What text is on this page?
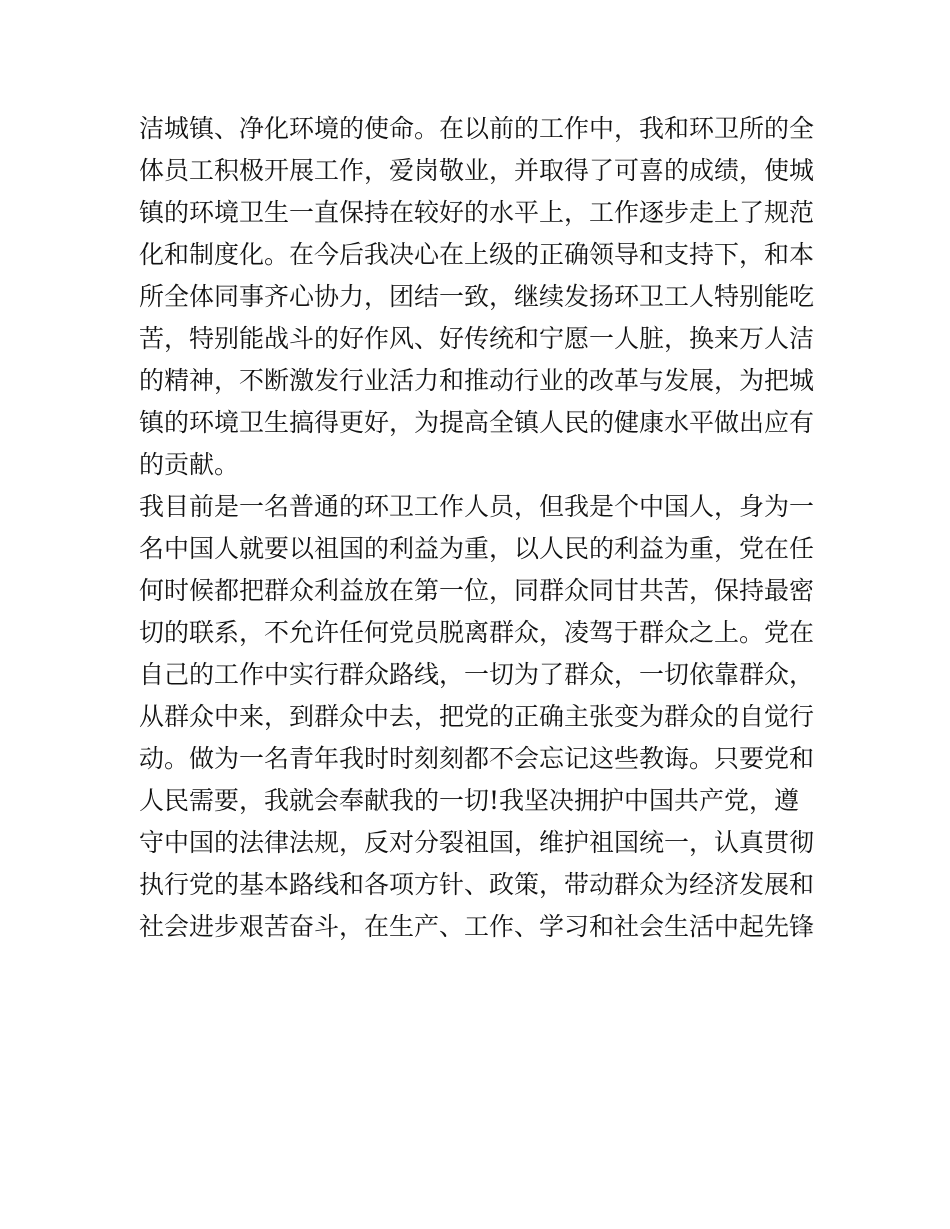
洁城镇、净化环境的使命。在以前的工作中，我和环卫所的全
体员工积极开展工作，爱岗敬业，并取得了可喜的成绩，使城
镇的环境卫生一直保持在较好的水平上，工作逐步走上了规范
化和制度化。在今后我决心在上级的正确领导和支持下，和本
所全体同事齐心协力，团结一致，继续发扬环卫工人特别能吃
苦，特别能战斗的好作风、好传统和宁愿一人脏，换来万人洁
的精神，不断激发行业活力和推动行业的改革与发展，为把城
镇的环境卫生搞得更好，为提高全镇人民的健康水平做出应有
的贡献。
我目前是一名普通的环卫工作人员，但我是个中国人，身为一
名中国人就要以祖国的利益为重，以人民的利益为重，党在任
何时候都把群众利益放在第一位，同群众同甘共苦，保持最密
切的联系，不允许任何党员脱离群众，凌驾于群众之上。党在
自己的工作中实行群众路线，一切为了群众，一切依靠群众，
从群众中来，到群众中去，把党的正确主张变为群众的自觉行
动。做为一名青年我时时刻刻都不会忘记这些教诲。只要党和
人民需要，我就会奉献我的一切!我坚决拥护中国共产党，遵
守中国的法律法规，反对分裂祖国，维护祖国统一，认真贯彻
执行党的基本路线和各项方针、政策，带动群众为经济发展和
社会进步艰苦奋斗，在生产、工作、学习和社会生活中起先锋
